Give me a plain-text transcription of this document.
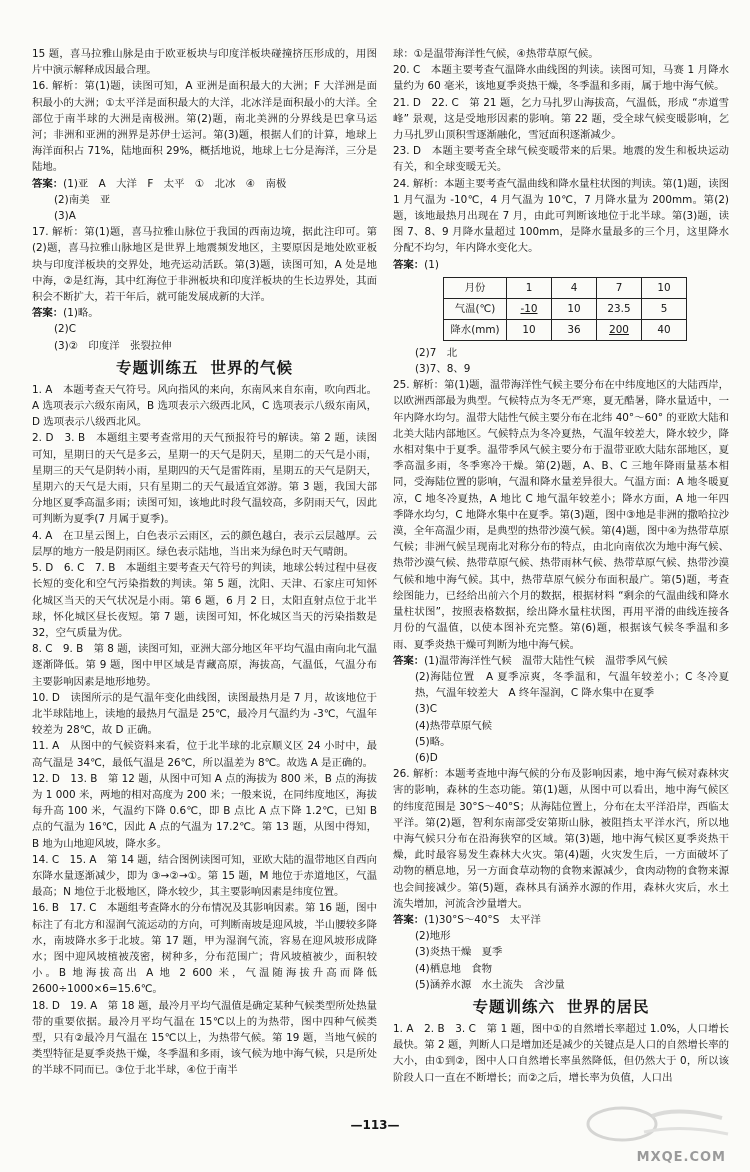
15 题，喜马拉雅山脉是由于欧亚板块与印度洋板块碰撞挤压形成的，用图片中演示解释成因最合理。

16. 解析：第(1)题，读图可知，A 亚洲是面积最大的大洲；F 大洋洲是面积最小的大洲；①太平洋是面积最大的大洋，北冰洋是面积最小的大洋。全部位于南半球的大洲是南极洲。第(2)题，南北美洲的分界线是巴拿马运河；非洲和亚洲的洲界是苏伊士运河。第(3)题，根据人们的计算，地球上海洋面积占 71%，陆地面积 29%，概括地说，地球上七分是海洋，三分是陆地。

答案：(1)亚　A　大洋　F　太平　①　北冰　④　南极

(2)南美　亚

(3)A

17. 解析：第(1)题，喜马拉雅山脉位于我国的西南边境，据此注印可。第(2)题，喜马拉雅山脉地区是世界上地震频发地区，主要原因是地处欧亚板块与印度洋板块的交界处，地壳运动活跃。第(3)题，读图可知，A 处是地中海，②是红海，其中红海位于非洲板块和印度洋板块的生长边界处，其面积会不断扩大，若干年后，就可能发展成新的大洋。

答案：(1)略。

(2)C

(3)②　印度洋　张裂拉伸

专题训练五 世界的气候

1. A　本题考查天气符号。风向指风的来向，东南风来自东南，吹向西北。A 选项表示六级东南风，B 选项表示六级西北风，C 选项表示八级东南风，D 选项表示八级西北风。

2. D　3. B　本题组主要考查常用的天气预报符号的解读。第 2 题，读图可知，星期日的天气是多云，星期一的天气是阴天，星期二的天气是小雨，星期三的天气是阴转小雨，星期四的天气是雷阵雨，星期五的天气是阴天，星期六的天气是大雨，只有星期二的天气最适宜郊游。第 3 题，我国大部分地区夏季高温多雨；读图可知，该地此时段气温较高，多阴雨天气，因此可判断为夏季(7 月属于夏季)。

4. A　在卫星云图上，白色表示云雨区，云的颜色越白，表示云层越厚。云层厚的地方一般是阴雨区。绿色表示陆地，当出来为绿色时天气晴朗。

5. D　6. C　7. B　本题组主要考查天气符号的判读，地球公转过程中昼夜长短的变化和空气污染指数的判读。第 5 题，沈阳、天津、石家庄可知怀化城区当天的天气状况是小雨。第 6 题，6 月 2 日，太阳直射点位于北半球，怀化城区昼长夜短。第 7 题，读图可知，怀化城区当天的污染指数是 32，空气质量为优。

8. C　9. B　第 8 题，读图可知，亚洲大部分地区年平均气温由南向北气温逐渐降低。第 9 题，图中甲区域是青藏高原，海拔高，气温低，气温分布主要影响因素是地形地势。

10. D　读图所示的是气温年变化曲线图，读图最热月是 7 月，故该地位于北半球陆地上，读地的最热月气温是 25℃，最冷月气温约为 -3℃，气温年较差为 28℃，故 D 正确。

11. A　从图中的气候资料来看，位于北半球的北京顺义区 24 小时中，最高气温是 34℃，最低气温是 26℃，所以温差为 8℃。故选 A 是正确的。

12. D　13. B　第 12 题，从图中可知 A 点的海拔为 800 米，B 点的海拔为 1 000 米，两地的相对高度为 200 米；一般来说，在同纬度地区，海拔每升高 100 米，气温约下降 0.6℃，即 B 点比 A 点下降 1.2℃，已知 B 点的气温为 16℃，因此 A 点的气温为 17.2℃。第 13 题，从图中得知，B 地为山地迎风坡，降水多。

14. C　15. A　第 14 题，结合图例读图可知，亚欧大陆的温带地区自西向东降水量逐渐减少，即为 ③→②→①。第 15 题，M 地位于赤道地区，气温最高；N 地位于北极地区，降水较少，其主要影响因素是纬度位置。

16. B　17. C　本题组考查降水的分布情况及其影响因素。第 16 题，图中标注了有北方和湿润气流运动的方向，可判断南坡是迎风坡，半山腰较多降水，南坡降水多于北坡。第 17 题，甲为湿润气流，容易在迎风坡形成降水；图中迎风坡植被茂密，树种多，分布范围广；背风坡植被少，面积较小。B 地海拔高出 A 地 2 600 米，气温随海拔升高而降低 2600÷1000×6=15.6℃。

18. D　19. A　第 18 题，最冷月平均气温值是确定某种气候类型所处热量带的重要依据。最冷月平均气温在 15℃以上的为热带，图中四种气候类型，只有②最冷月气温在 15℃以上，为热带气候。第 19 题，当地气候的类型特征是夏季炎热干燥，冬季温和多雨，该气候为地中海气候，只是所处的半球不同而已。③位于北半球，④位于南半

球：①是温带海洋性气候，④热带草原气候。

20. C　本题主要考查气温降水曲线图的判读。读图可知，马赛 1 月降水量约为 60 毫米，该地夏季炎热干燥，冬季温和多雨，属于地中海气候。

21. D　22. C　第 21 题，乞力马扎罗山海拔高，气温低，形成 “赤道雪峰” 景观，这是受地形因素的影响。第 22 题，受全球气候变暖影响，乞力马扎罗山顶积雪逐渐融化，雪冠面积逐渐减少。

23. D　本题主要考查全球气候变暖带来的后果。地震的发生和板块运动有关，和全球变暖无关。

24. 解析：本题主要考查气温曲线和降水量柱状图的判读。第(1)题，读图 1 月气温为 -10℃，4 月气温为 10℃，7 月降水量为 200mm。第(2)题，该地最热月出现在 7 月，由此可判断该地位于北半球。第(3)题，读图 7、8、9 月降水量超过 100mm，是降水量最多的三个月，这里降水分配不均匀，年内降水变化大。

答案：(1)

月份	1	4	7	10
气温(℃)	-10	10	23.5	5
降水(mm)	10	36	200	40

(2)7　北

(3)7、8、9

25. 解析：第(1)题，温带海洋性气候主要分布在中纬度地区的大陆西岸，以欧洲西部最为典型。气候特点为冬无严寒，夏无酷暑，降水量适中，一年内降水均匀。温带大陆性气候主要分布在北纬 40°～60° 的亚欧大陆和北美大陆内部地区。气候特点为冬冷夏热，气温年较差大，降水较少，降水相对集中于夏季。温带季风气候主要分布于温带亚欧大陆东部地区，夏季高温多雨，冬季寒冷干燥。第(2)题，A、B、C 三地年降雨量基本相同，受海陆位置的影响，气温和降水量差异很大。气温方面：A 地冬暖夏凉，C 地冬冷夏热，A 地比 C 地气温年较差小；降水方面，A 地一年四季降水均匀，C 地降水集中在夏季。第(3)题，图中③地是非洲的撒哈拉沙漠，全年高温少雨，是典型的热带沙漠气候。第(4)题，图中④为热带草原气候；非洲气候呈现南北对称分布的特点，由北向南依次为地中海气候、热带沙漠气候、热带草原气候、热带雨林气候、热带草原气候、热带沙漠气候和地中海气候。其中，热带草原气候分布面积最广。第(5)题，考查绘图能力，已经给出前六个月的数据，根据材料 “剩余的气温曲线和降水量柱状图”，按照表格数据，绘出降水量柱状图，再用平滑的曲线连接各月份的气温值，以使本图补充完整。第(6)题，根据该气候冬季温和多雨、夏季炎热干燥可判断为地中海气候。

答案：(1)温带海洋性气候　温带大陆性气候　温带季风气候

(2)海陆位置　A 夏季凉爽，冬季温和，气温年较差小；C 冬冷夏热，气温年较差大　A 终年湿润，C 降水集中在夏季

(3)C

(4)热带草原气候

(5)略。

(6)D

26. 解析：本题考查地中海气候的分布及影响因素，地中海气候对森林灾害的影响，森林的生态功能。第(1)题，从图中可以看出，地中海气候区的纬度范围是 30°S～40°S；从海陆位置上，分布在太平洋沿岸，西临太平洋。第(2)题，智利东南部受安第斯山脉，被阻挡太平洋水汽，所以地中海气候只分布在沿海狭窄的区域。第(3)题，地中海气候区夏季炎热干燥，此时最容易发生森林大火灾。第(4)题，火灾发生后，一方面破坏了动物的栖息地，另一方面食草动物的食物来源减少，食肉动物的食物来源也会间接减少。第(5)题，森林具有涵养水源的作用，森林火灾后，水土流失增加，河流含沙量增大。

答案：(1)30°S～40°S　太平洋

(2)地形

(3)炎热干燥　夏季

(4)栖息地　食物

(5)涵养水源　水土流失　含沙量

专题训练六 世界的居民

1. A　2. B　3. C　第 1 题，图中①的自然增长率超过 1.0%，人口增长最快。第 2 题，判断人口是增加还是减少的关键点是人口的自然增长率的大小，由①到②，图中人口自然增长率虽然降低，但仍然大于 0，所以该阶段人口一直在不断增长；而②之后，增长率为负值，人口出

—113—
MXQE.COM
